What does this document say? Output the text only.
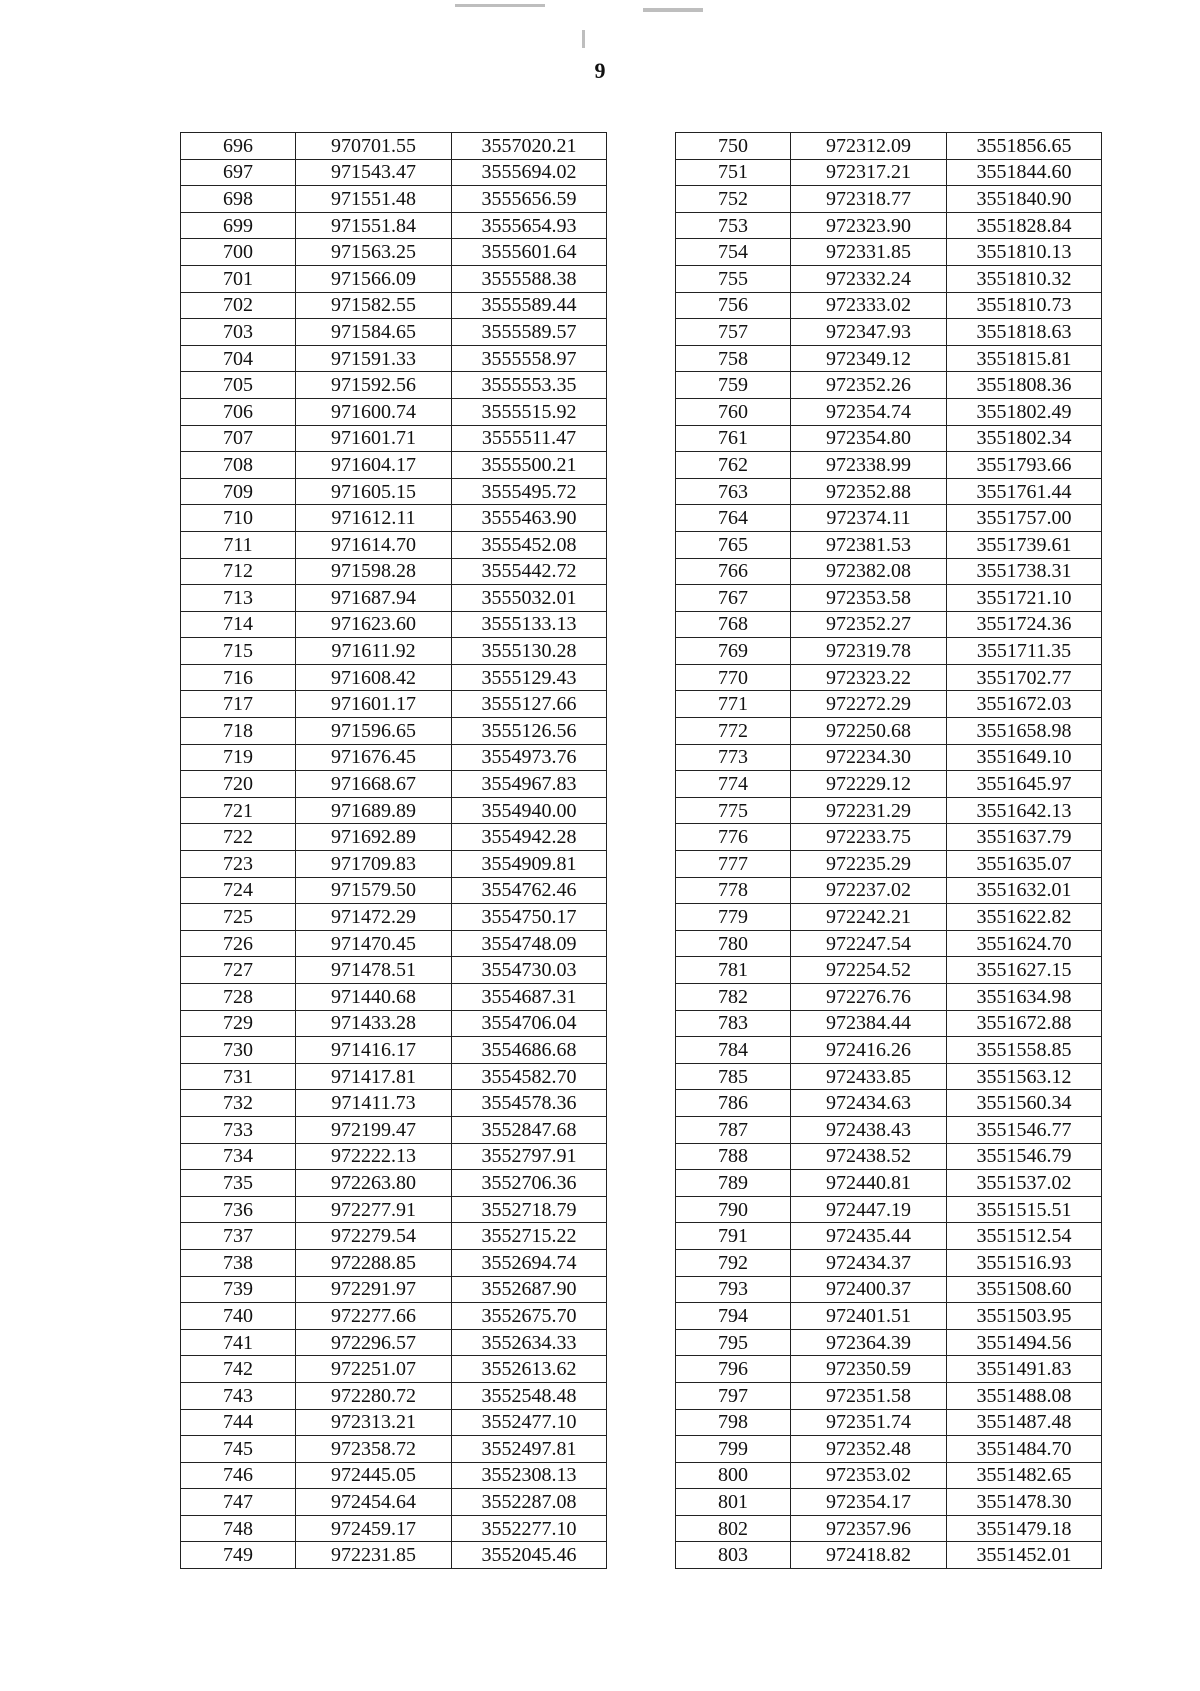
9
696	970701.55	3557020.21
697	971543.47	3555694.02
698	971551.48	3555656.59
699	971551.84	3555654.93
700	971563.25	3555601.64
701	971566.09	3555588.38
702	971582.55	3555589.44
703	971584.65	3555589.57
704	971591.33	3555558.97
705	971592.56	3555553.35
706	971600.74	3555515.92
707	971601.71	3555511.47
708	971604.17	3555500.21
709	971605.15	3555495.72
710	971612.11	3555463.90
711	971614.70	3555452.08
712	971598.28	3555442.72
713	971687.94	3555032.01
714	971623.60	3555133.13
715	971611.92	3555130.28
716	971608.42	3555129.43
717	971601.17	3555127.66
718	971596.65	3555126.56
719	971676.45	3554973.76
720	971668.67	3554967.83
721	971689.89	3554940.00
722	971692.89	3554942.28
723	971709.83	3554909.81
724	971579.50	3554762.46
725	971472.29	3554750.17
726	971470.45	3554748.09
727	971478.51	3554730.03
728	971440.68	3554687.31
729	971433.28	3554706.04
730	971416.17	3554686.68
731	971417.81	3554582.70
732	971411.73	3554578.36
733	972199.47	3552847.68
734	972222.13	3552797.91
735	972263.80	3552706.36
736	972277.91	3552718.79
737	972279.54	3552715.22
738	972288.85	3552694.74
739	972291.97	3552687.90
740	972277.66	3552675.70
741	972296.57	3552634.33
742	972251.07	3552613.62
743	972280.72	3552548.48
744	972313.21	3552477.10
745	972358.72	3552497.81
746	972445.05	3552308.13
747	972454.64	3552287.08
748	972459.17	3552277.10
749	972231.85	3552045.46
750	972312.09	3551856.65
751	972317.21	3551844.60
752	972318.77	3551840.90
753	972323.90	3551828.84
754	972331.85	3551810.13
755	972332.24	3551810.32
756	972333.02	3551810.73
757	972347.93	3551818.63
758	972349.12	3551815.81
759	972352.26	3551808.36
760	972354.74	3551802.49
761	972354.80	3551802.34
762	972338.99	3551793.66
763	972352.88	3551761.44
764	972374.11	3551757.00
765	972381.53	3551739.61
766	972382.08	3551738.31
767	972353.58	3551721.10
768	972352.27	3551724.36
769	972319.78	3551711.35
770	972323.22	3551702.77
771	972272.29	3551672.03
772	972250.68	3551658.98
773	972234.30	3551649.10
774	972229.12	3551645.97
775	972231.29	3551642.13
776	972233.75	3551637.79
777	972235.29	3551635.07
778	972237.02	3551632.01
779	972242.21	3551622.82
780	972247.54	3551624.70
781	972254.52	3551627.15
782	972276.76	3551634.98
783	972384.44	3551672.88
784	972416.26	3551558.85
785	972433.85	3551563.12
786	972434.63	3551560.34
787	972438.43	3551546.77
788	972438.52	3551546.79
789	972440.81	3551537.02
790	972447.19	3551515.51
791	972435.44	3551512.54
792	972434.37	3551516.93
793	972400.37	3551508.60
794	972401.51	3551503.95
795	972364.39	3551494.56
796	972350.59	3551491.83
797	972351.58	3551488.08
798	972351.74	3551487.48
799	972352.48	3551484.70
800	972353.02	3551482.65
801	972354.17	3551478.30
802	972357.96	3551479.18
803	972418.82	3551452.01
